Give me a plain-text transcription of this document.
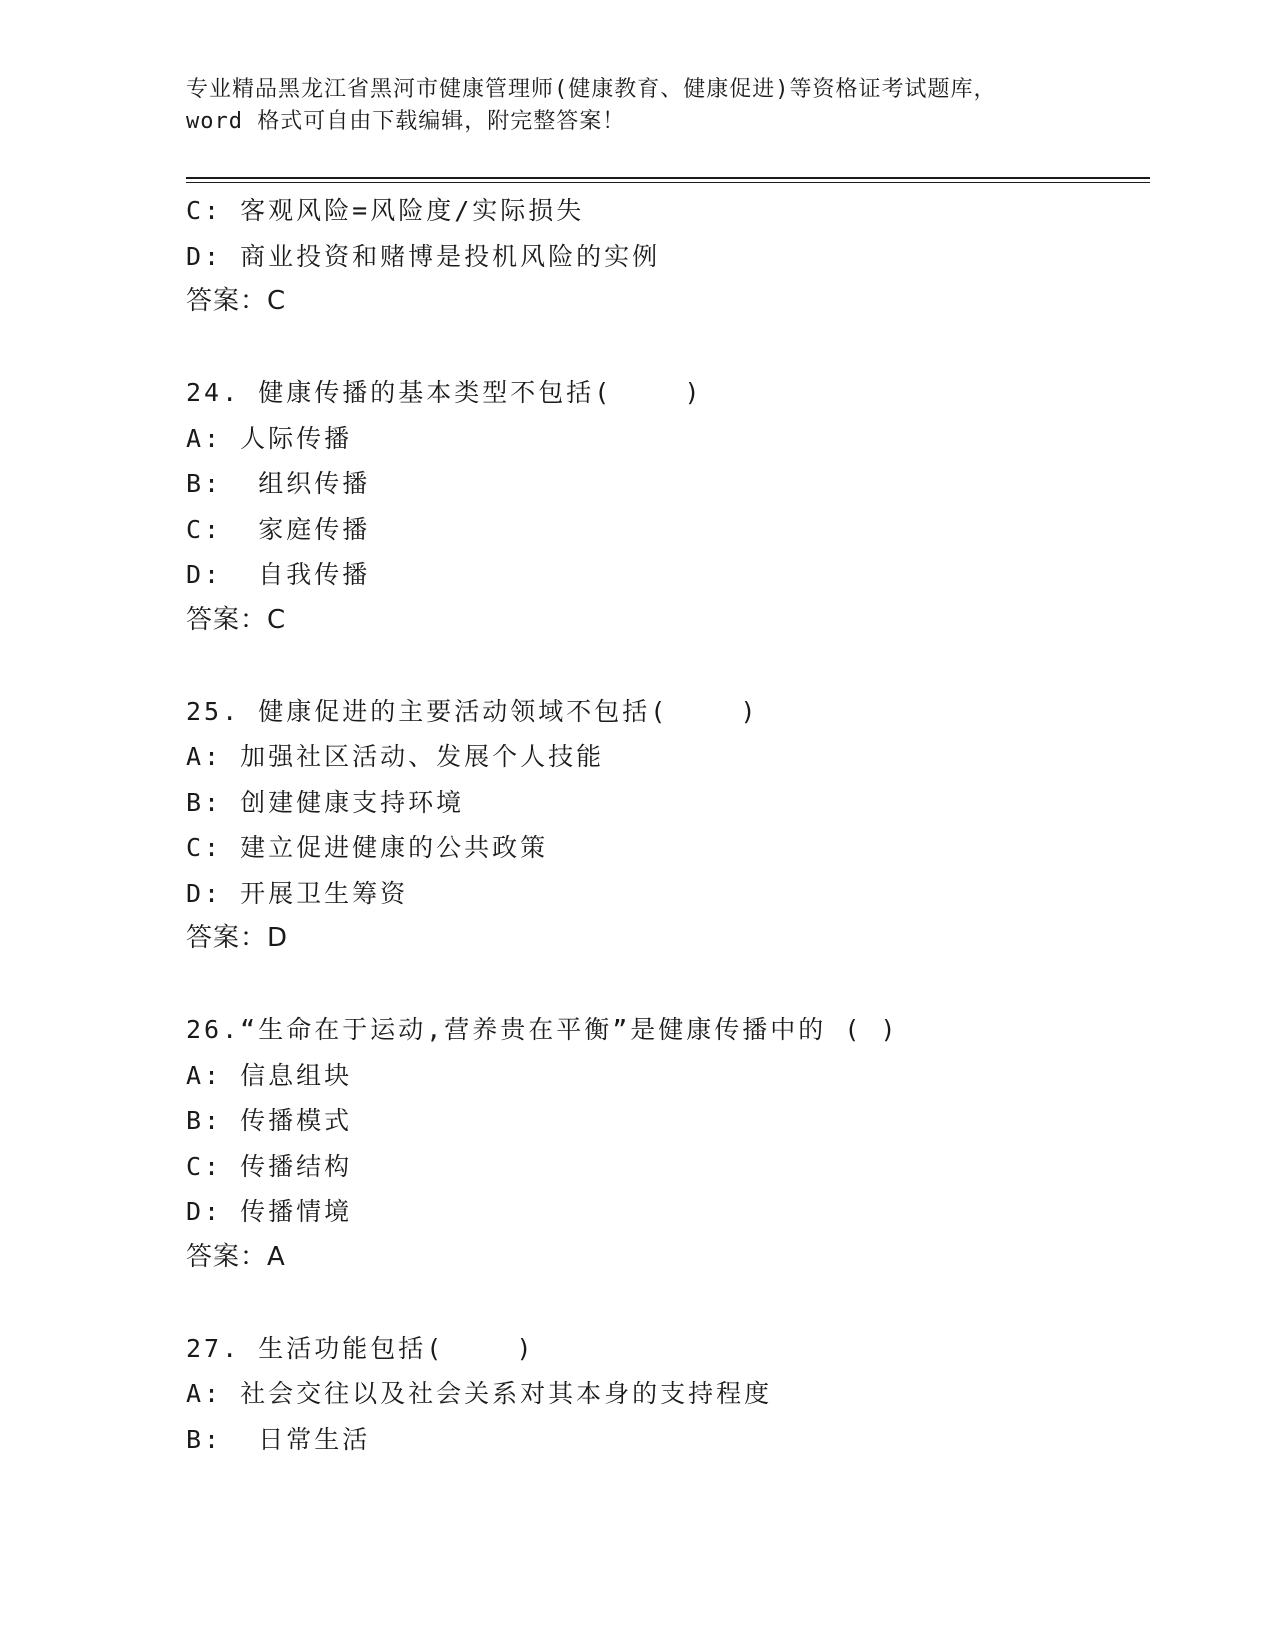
专业精品黑龙江省黑河市健康管理师(健康教育、健康促进)等资格证考试题库，
word 格式可自由下载编辑，附完整答案！
C: 客观风险=风险度/实际损失
D: 商业投资和赌博是投机风险的实例
答案：C
24. 健康传播的基本类型不包括(    )
A: 人际传播
B:  组织传播
C:  家庭传播
D:  自我传播
答案：C
25. 健康促进的主要活动领域不包括(    )
A: 加强社区活动、发展个人技能
B: 创建健康支持环境
C: 建立促进健康的公共政策
D: 开展卫生筹资
答案：D
26.“生命在于运动,营养贵在平衡”是健康传播中的 ( )
A: 信息组块
B: 传播模式
C: 传播结构
D: 传播情境
答案：A
27. 生活功能包括(    )
A: 社会交往以及社会关系对其本身的支持程度
B:  日常生活
